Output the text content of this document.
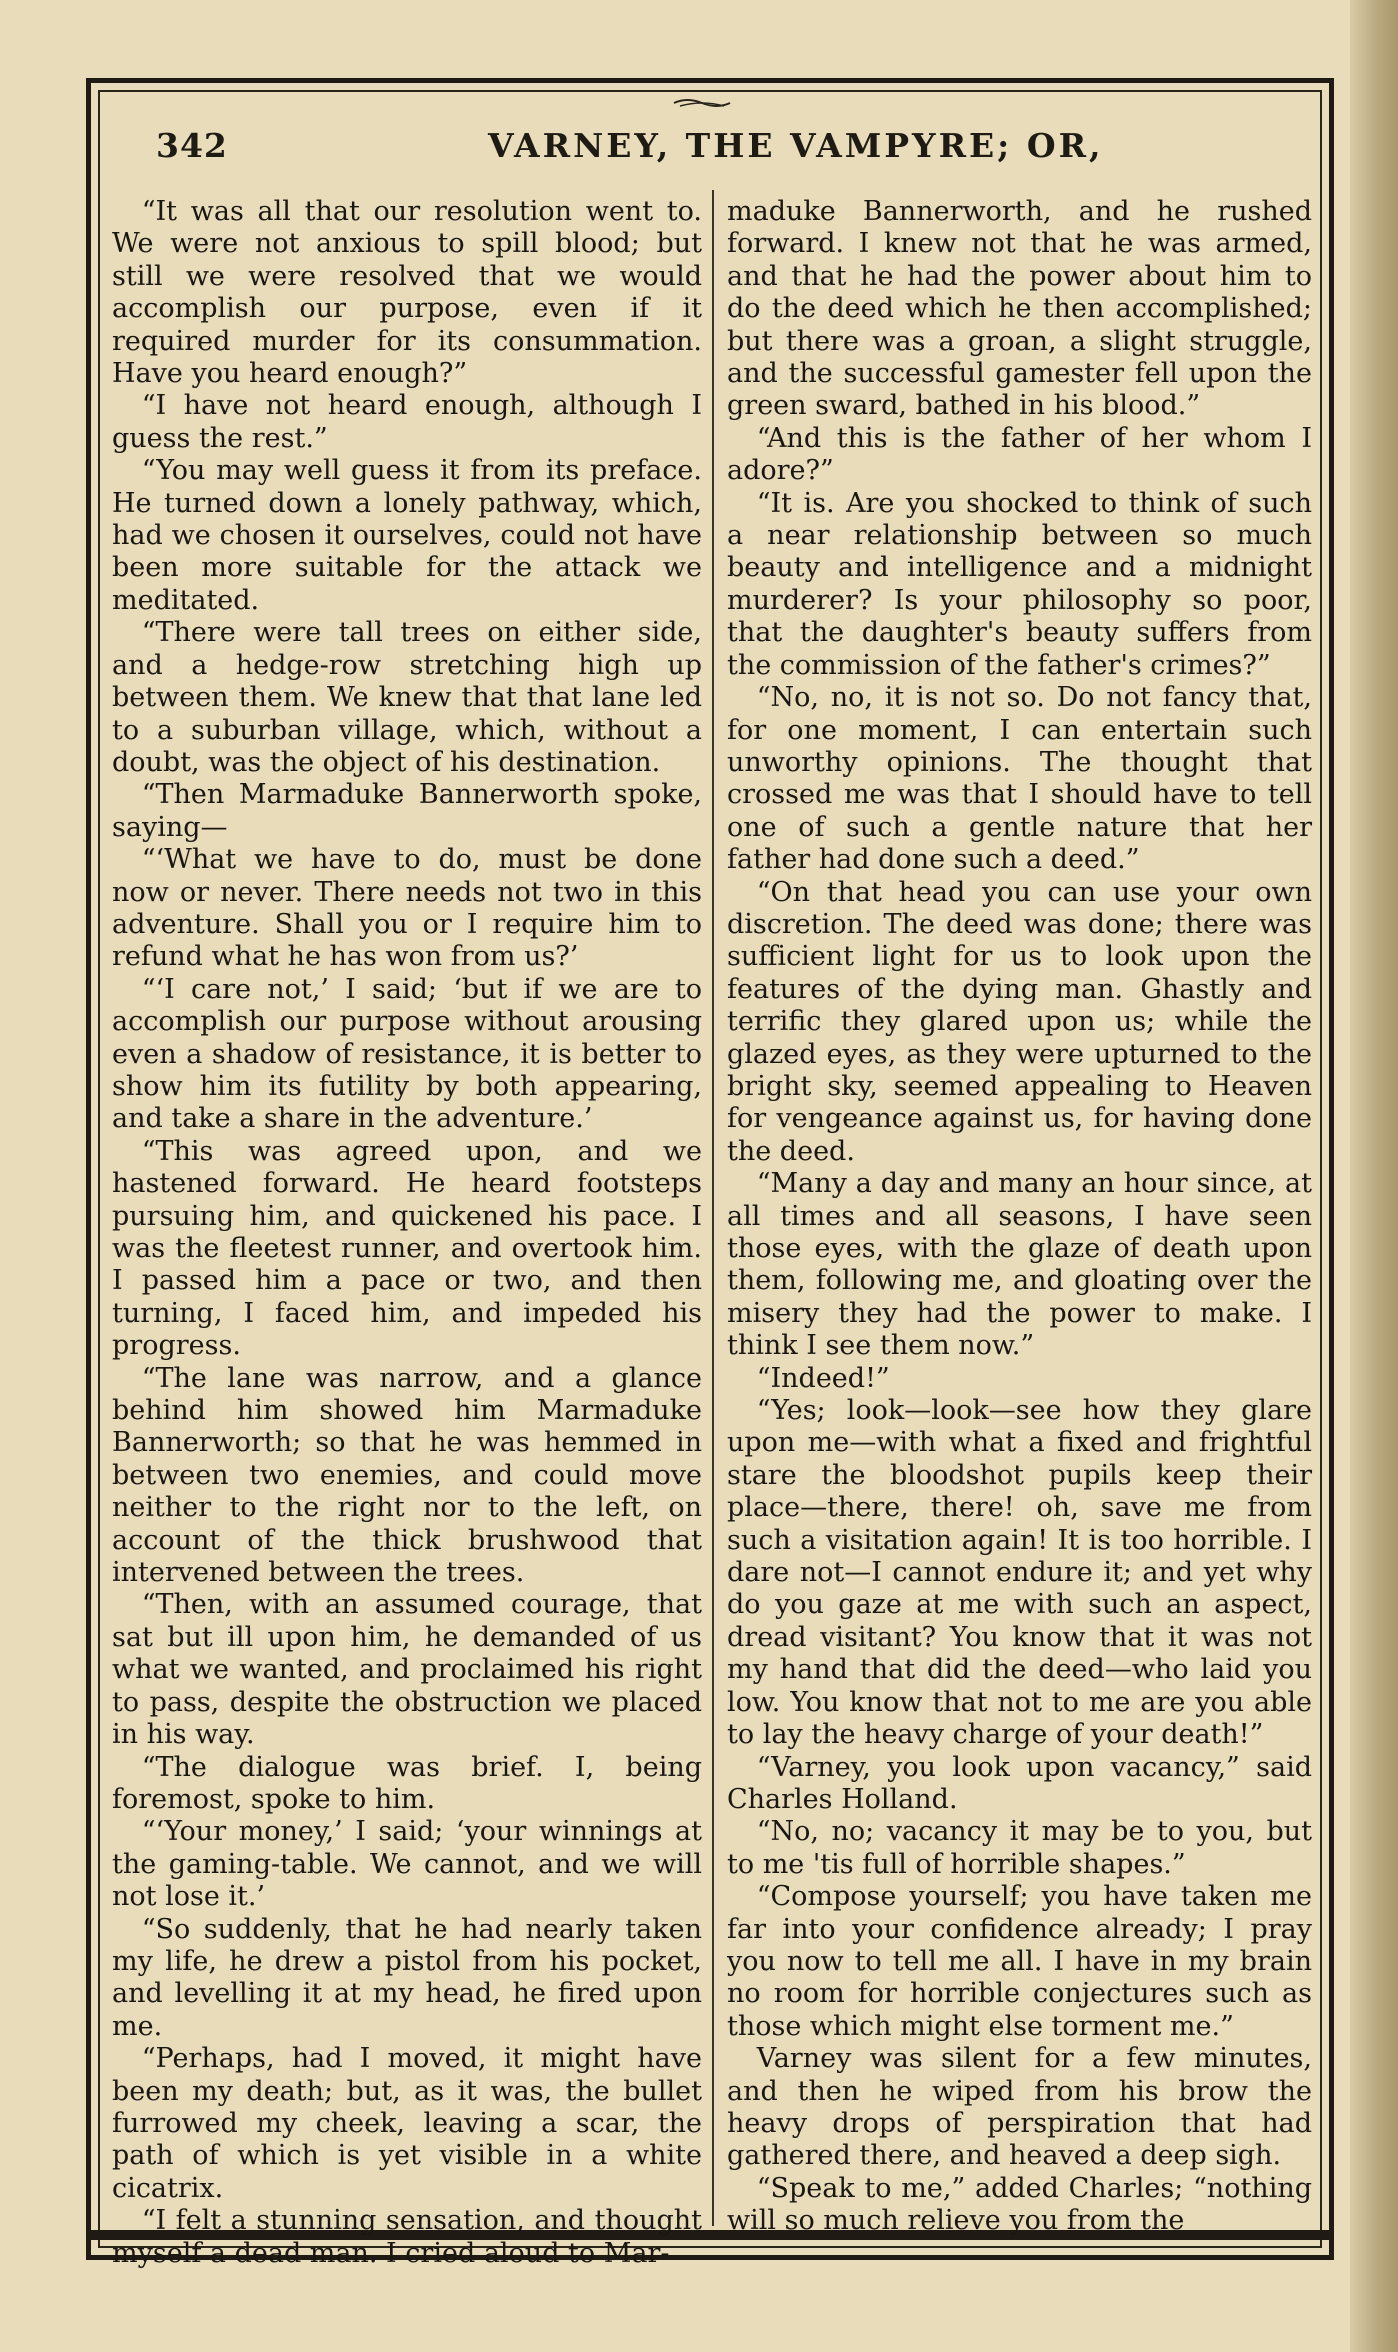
342	VARNEY, THE VAMPYRE; OR,

“It was all that our resolution went to. We were not anxious to spill blood; but still we were resolved that we would accomplish our purpose, even if it required murder for its consummation. Have you heard enough?”

“I have not heard enough, although I guess the rest.”

“You may well guess it from its preface. He turned down a lonely pathway, which, had we chosen it ourselves, could not have been more suitable for the attack we meditated.

“There were tall trees on either side, and a hedge-row stretching high up between them. We knew that that lane led to a suburban village, which, without a doubt, was the object of his destination.

“Then Marmaduke Bannerworth spoke, saying—

“‘What we have to do, must be done now or never. There needs not two in this adventure. Shall you or I require him to refund what he has won from us?’

“‘I care not,’ I said; ‘but if we are to accomplish our purpose without arousing even a shadow of resistance, it is better to show him its futility by both appearing, and take a share in the adventure.’

“This was agreed upon, and we hastened forward. He heard footsteps pursuing him, and quickened his pace. I was the fleetest runner, and overtook him. I passed him a pace or two, and then turning, I faced him, and impeded his progress.

“The lane was narrow, and a glance behind him showed him Marmaduke Bannerworth; so that he was hemmed in between two enemies, and could move neither to the right nor to the left, on account of the thick brushwood that intervened between the trees.

“Then, with an assumed courage, that sat but ill upon him, he demanded of us what we wanted, and proclaimed his right to pass, despite the obstruction we placed in his way.

“The dialogue was brief. I, being foremost, spoke to him.

“‘Your money,’ I said; ‘your winnings at the gaming-table. We cannot, and we will not lose it.’

“So suddenly, that he had nearly taken my life, he drew a pistol from his pocket, and levelling it at my head, he fired upon me.

“Perhaps, had I moved, it might have been my death; but, as it was, the bullet furrowed my cheek, leaving a scar, the path of which is yet visible in a white cicatrix.

“I felt a stunning sensation, and thought myself a dead man. I cried aloud to Mar-

maduke Bannerworth, and he rushed forward. I knew not that he was armed, and that he had the power about him to do the deed which he then accomplished; but there was a groan, a slight struggle, and the successful gamester fell upon the green sward, bathed in his blood.”

“And this is the father of her whom I adore?”

“It is. Are you shocked to think of such a near relationship between so much beauty and intelligence and a midnight murderer? Is your philosophy so poor, that the daughter's beauty suffers from the commission of the father's crimes?”

“No, no, it is not so. Do not fancy that, for one moment, I can entertain such unworthy opinions. The thought that crossed me was that I should have to tell one of such a gentle nature that her father had done such a deed.”

“On that head you can use your own discretion. The deed was done; there was sufficient light for us to look upon the features of the dying man. Ghastly and terrific they glared upon us; while the glazed eyes, as they were upturned to the bright sky, seemed appealing to Heaven for vengeance against us, for having done the deed.

“Many a day and many an hour since, at all times and all seasons, I have seen those eyes, with the glaze of death upon them, following me, and gloating over the misery they had the power to make. I think I see them now.”

“Indeed!”

“Yes; look—look—see how they glare upon me—with what a fixed and frightful stare the bloodshot pupils keep their place—there, there! oh, save me from such a visitation again! It is too horrible. I dare not—I cannot endure it; and yet why do you gaze at me with such an aspect, dread visitant? You know that it was not my hand that did the deed—who laid you low. You know that not to me are you able to lay the heavy charge of your death!”

“Varney, you look upon vacancy,” said Charles Holland.

“No, no; vacancy it may be to you, but to me 'tis full of horrible shapes.”

“Compose yourself; you have taken me far into your confidence already; I pray you now to tell me all. I have in my brain no room for horrible conjectures such as those which might else torment me.”

Varney was silent for a few minutes, and then he wiped from his brow the heavy drops of perspiration that had gathered there, and heaved a deep sigh.

“Speak to me,” added Charles; “nothing will so much relieve you from the
